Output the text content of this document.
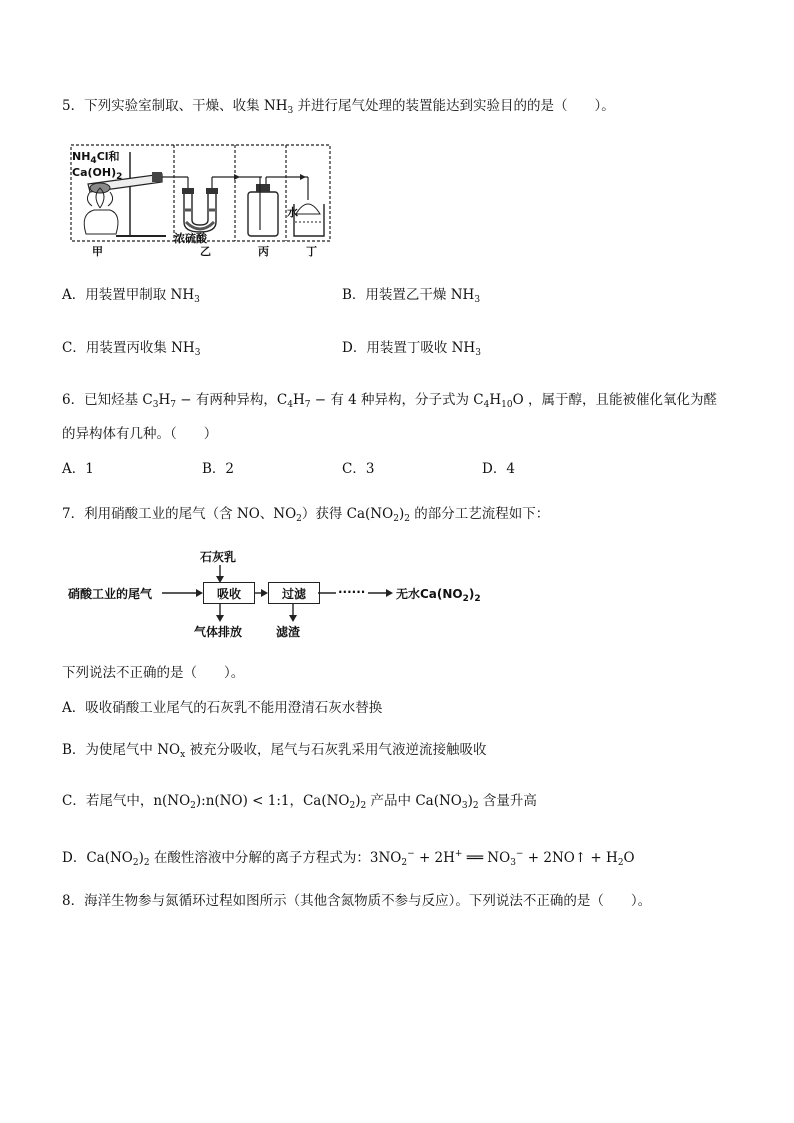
5．下列实验室制取、干燥、收集 $NH_3$ 并进行尾气处理的装置能达到实验目的的是（　　）。
$NH_4Cl$和
$Ca(OH)_2$
浓硫酸
水
甲	乙	丙	丁
A．用装置甲制取 $NH_3$	B．用装置乙干燥 $NH_3$
C．用装置丙收集 $NH_3$	D．用装置丁吸收 $NH_3$
6．已知烃基 $C_3H_7$ − 有两种异构，$C_4H_7$ − 有 4 种异构，分子式为 $C_4H_{10}O$ ，属于醇，且能被催化氧化为醛
的异构体有几种。（　　）
A．1	B．2	C．3	D．4
7．利用硝酸工业的尾气（含 NO、$NO_2$）获得 $Ca(NO_2)_2$ 的部分工艺流程如下：
硝酸工业的尾气
石灰乳
吸收	过滤	······	无水$Ca(NO_2)_2$
气体排放	滤渣
下列说法不正确的是（　　）。
A．吸收硝酸工业尾气的石灰乳不能用澄清石灰水替换
B．为使尾气中 $NO_x$ 被充分吸收，尾气与石灰乳采用气液逆流接触吸收
C．若尾气中，$n(NO_2):n(NO)$ < 1:1，$Ca(NO_2)_2$ 产品中 $Ca(NO_3)_2$ 含量升高
D．$Ca(NO_2)_2$ 在酸性溶液中分解的离子方程式为：$3NO_2^- + 2H^+$ ══ $NO_3^-$ + 2NO↑ + $H_2O$
8．海洋生物参与氮循环过程如图所示（其他含氮物质不参与反应）。下列说法不正确的是（　　）。
